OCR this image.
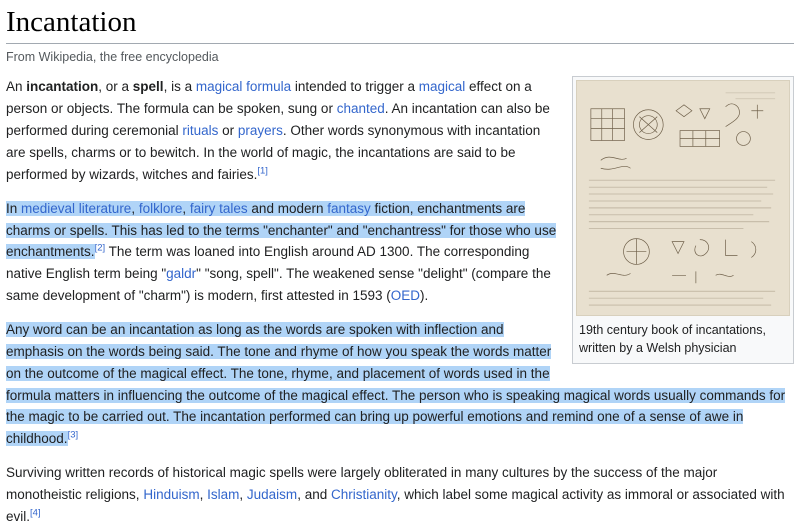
Incantation
From Wikipedia, the free encyclopedia
19th century book of incantations, written by a Welsh physician

An incantation, or a spell, is a magical formula intended to trigger a magical effect on a person or objects. The formula can be spoken, sung or chanted. An incantation can also be performed during ceremonial rituals or prayers. Other words synonymous with incantation are spells, charms or to bewitch. In the world of magic, the incantations are said to be performed by wizards, witches and fairies.[1]

In medieval literature, folklore, fairy tales and modern fantasy fiction, enchantments are charms or spells. This has led to the terms "enchanter" and "enchantress" for those who use enchantments.[2] The term was loaned into English around AD 1300. The corresponding native English term being "galdr" "song, spell". The weakened sense "delight" (compare the same development of "charm") is modern, first attested in 1593 (OED).

Any word can be an incantation as long as the words are spoken with inflection and emphasis on the words being said. The tone and rhyme of how you speak the words matter on the outcome of the magical effect. The tone, rhyme, and placement of words used in the formula matters in influencing the outcome of the magical effect. The person who is speaking magical words usually commands for the magic to be carried out. The incantation performed can bring up powerful emotions and remind one of a sense of awe in childhood.[3]

Surviving written records of historical magic spells were largely obliterated in many cultures by the success of the major monotheistic religions, Hinduism, Islam, Judaism, and Christianity, which label some magical activity as immoral or associated with evil.[4]
